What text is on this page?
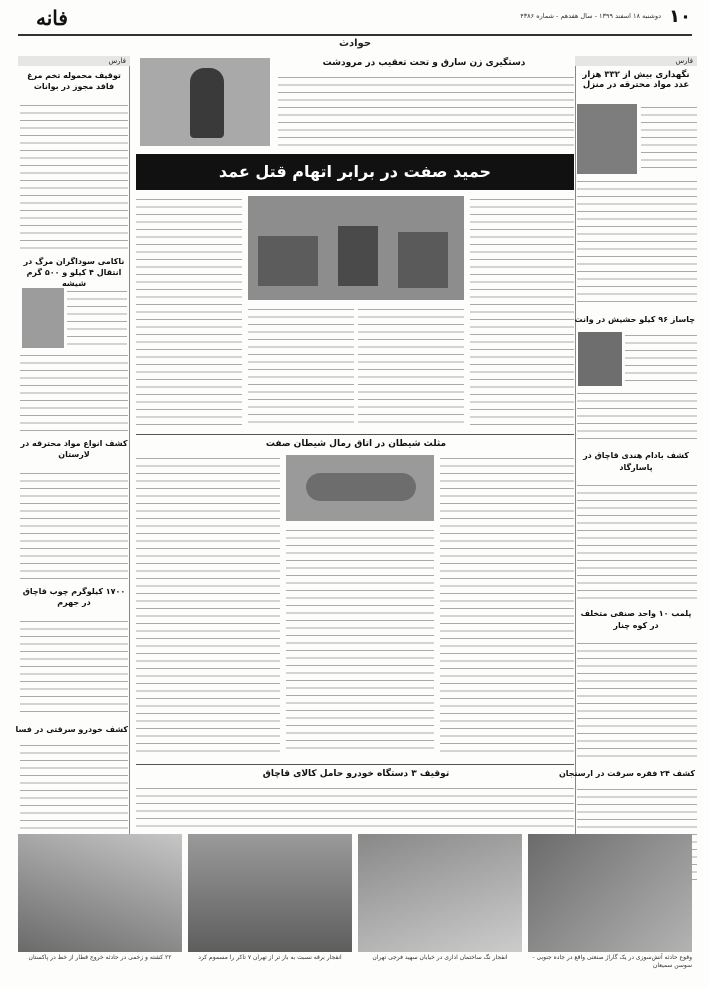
فانه	۱۰
دوشنبه ۱۸ اسفند ۱۳۹۹ - سال هفدهم - شماره ۴۳۸۶
حوادث
فارس
نگهداری بیش از ۳۳۲ هزار عدد مواد محترقه در منزل
چاساز ۹۶ کیلو حشیش در وانت
کشف بادام هندی قاچاق در پاسارگاد
پلمب ۱۰ واحد صنفی متخلف در کوه چنار
کشف ۲۴ فقره سرقت در ارسنجان
فارس
توقیف محموله تخم مرغ فاقد مجوز در بوانات
ناکامی سوداگران مرگ در انتقال ۴ کیلو و ۵۰۰ گرم شیشه
کشف انواع مواد محترقه در لارستان
۱۷۰۰ کیلوگرم چوب قاچاق در جهرم
کشف خودرو سرقتی در فسا
دستگیری زن سارق و تحت تعقیب در مرودشت
حمید صفت در برابر اتهام قتل عمد
مثلث شیطان در اتاق رمال شیطان صفت
توقیف ۳ دستگاه خودرو حامل کالای قاچاق
وقوع حادثه آتش‌سوزی در یک گاراژ صنعتی واقع در جاده جنوبی - سوسن سمیعان
انفجار نگ ساختمان اداری در خیابان سهید فرجی تهران
انفجار برقه نسبت به باز تر از تهران ۷ تاکر را مسموم کرد
۲۲ کشته و زخمی در حادثه خروج قطار از خط در پاکستان
